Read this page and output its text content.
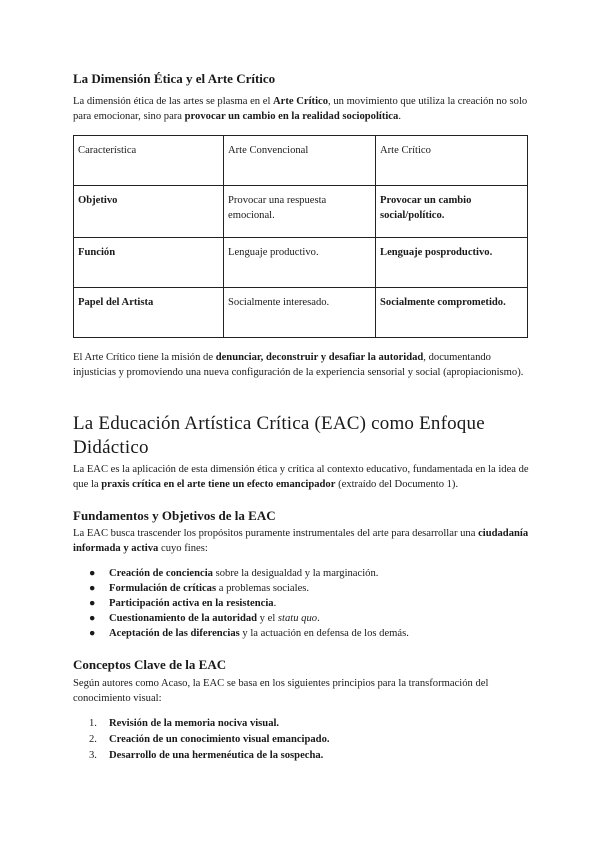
La Dimensión Ética y el Arte Crítico

La dimensión ética de las artes se plasma en el Arte Crítico, un movimiento que utiliza la creación no solo para emocionar, sino para provocar un cambio en la realidad sociopolítica.

Característica	Arte Convencional	Arte Crítico
Objetivo	Provocar una respuesta emocional.	Provocar un cambio social/político.
Función	Lenguaje productivo.	Lenguaje posproductivo.
Papel del Artista	Socialmente interesado.	Socialmente comprometido.

El Arte Crítico tiene la misión de denunciar, deconstruir y desafiar la autoridad, documentando injusticias y promoviendo una nueva configuración de la experiencia sensorial y social (apropiacionismo).

La Educación Artística Crítica (EAC) como Enfoque Didáctico

La EAC es la aplicación de esta dimensión ética y crítica al contexto educativo, fundamentada en la idea de que la praxis crítica en el arte tiene un efecto emancipador (extraído del Documento 1).

Fundamentos y Objetivos de la EAC

La EAC busca trascender los propósitos puramente instrumentales del arte para desarrollar una ciudadanía informada y activa cuyo fines:

● Creación de conciencia sobre la desigualdad y la marginación.
● Formulación de críticas a problemas sociales.
● Participación activa en la resistencia.
● Cuestionamiento de la autoridad y el statu quo.
● Aceptación de las diferencias y la actuación en defensa de los demás.
Conceptos Clave de la EAC

Según autores como Acaso, la EAC se basa en los siguientes principios para la transformación del conocimiento visual:

1. Revisión de la memoria nociva visual.
2. Creación de un conocimiento visual emancipado.
3. Desarrollo de una hermenéutica de la sospecha.
